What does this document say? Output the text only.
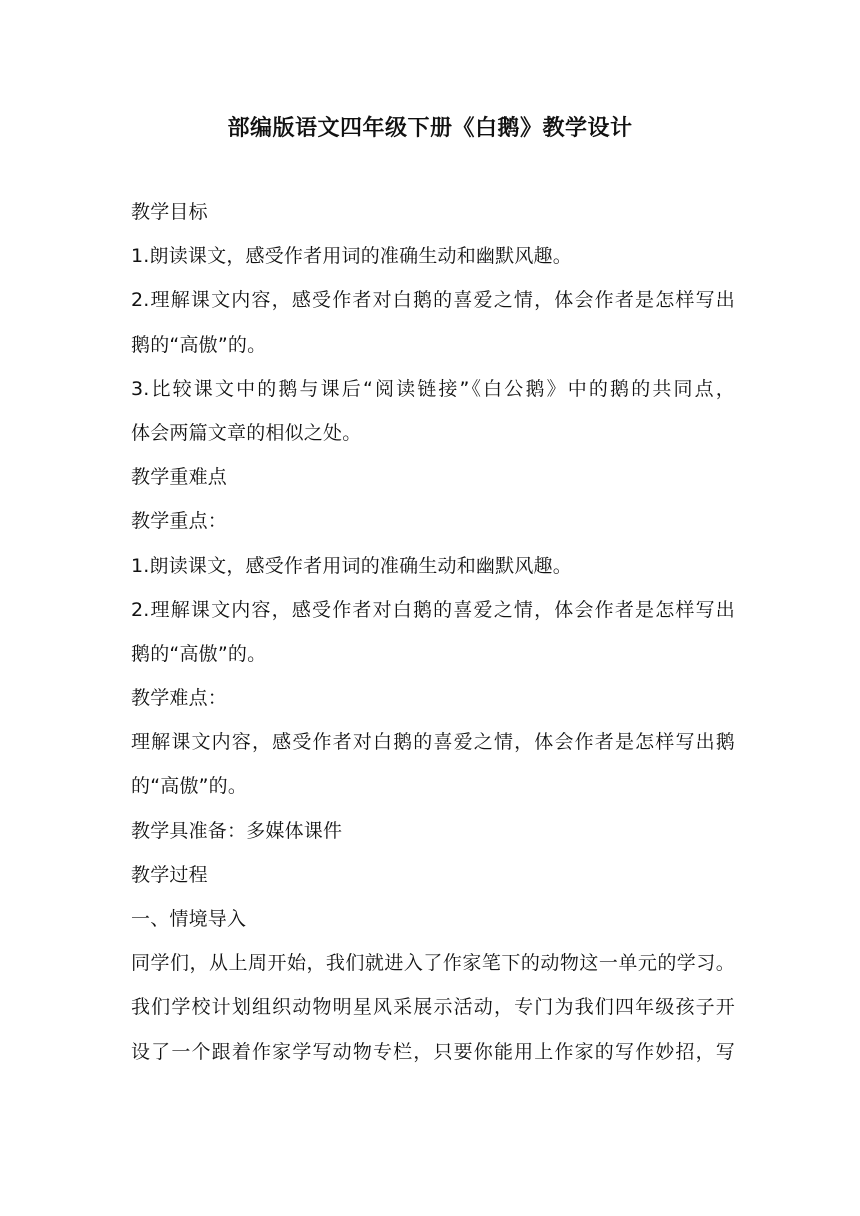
部编版语文四年级下册《白鹅》教学设计
教学目标
1.朗读课文，感受作者用词的准确生动和幽默风趣。
2.理解课文内容，感受作者对白鹅的喜爱之情，体会作者是怎样写出
鹅的“高傲”的。
3.比较课文中的鹅与课后“阅读链接”《白公鹅》中的鹅的共同点，
体会两篇文章的相似之处。
教学重难点
教学重点：
1.朗读课文，感受作者用词的准确生动和幽默风趣。
2.理解课文内容，感受作者对白鹅的喜爱之情，体会作者是怎样写出
鹅的“高傲”的。
教学难点：
理解课文内容，感受作者对白鹅的喜爱之情，体会作者是怎样写出鹅
的“高傲”的。
教学具准备：多媒体课件
教学过程
一、情境导入
同学们，从上周开始，我们就进入了作家笔下的动物这一单元的学习。
我们学校计划组织动物明星风采展示活动，专门为我们四年级孩子开
设了一个跟着作家学写动物专栏，只要你能用上作家的写作妙招，写
